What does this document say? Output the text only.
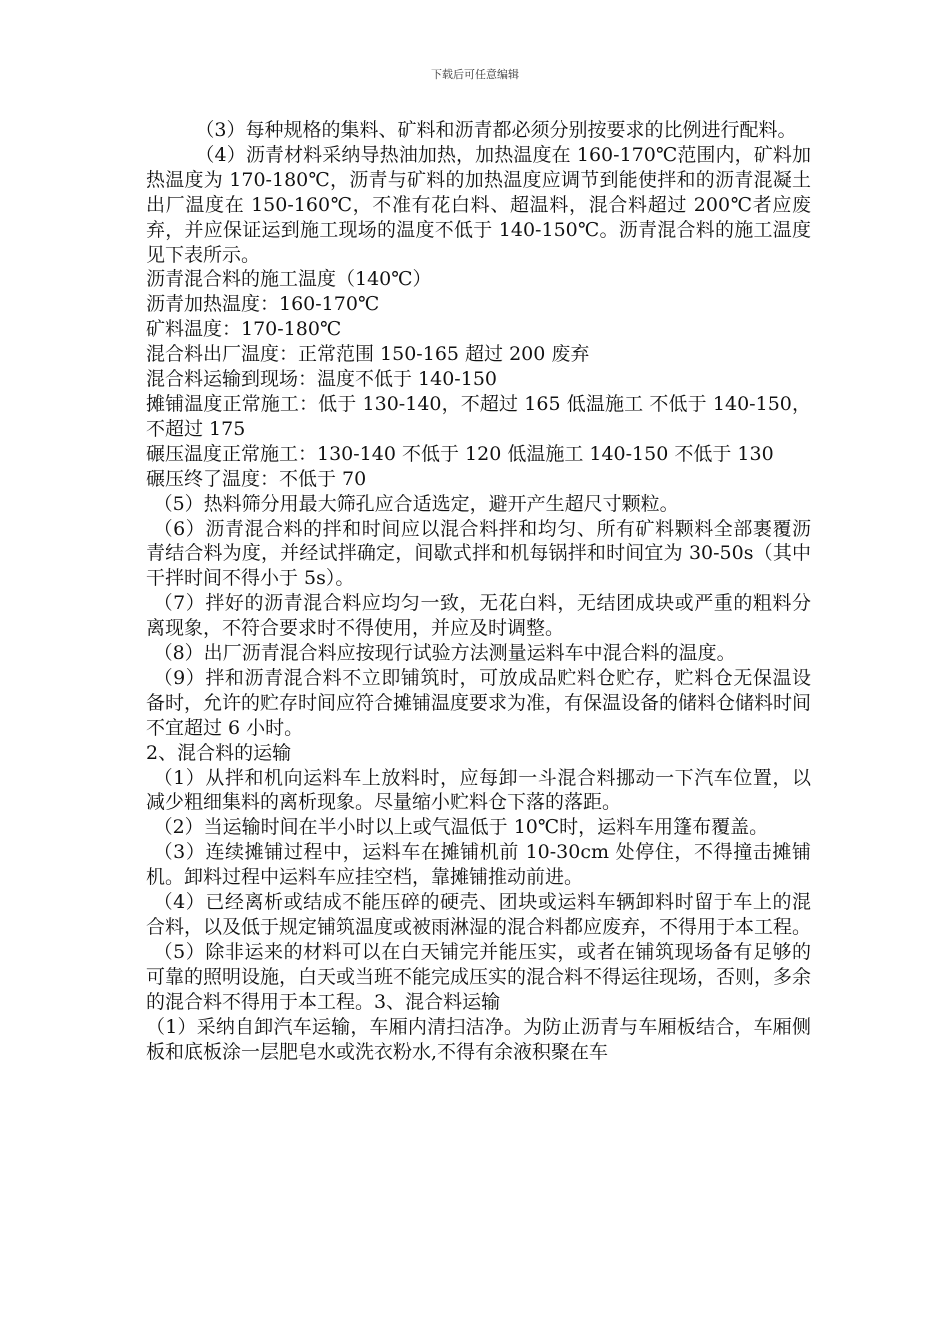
下载后可任意编辑

（3）每种规格的集料、矿料和沥青都必须分别按要求的比例进行配料。

（4）沥青材料采纳导热油加热，加热温度在 160-170℃范围内，矿料加热温度为 170-180℃，沥青与矿料的加热温度应调节到能使拌和的沥青混凝土出厂温度在 150-160℃，不准有花白料、超温料，混合料超过 200℃者应废弃，并应保证运到施工现场的温度不低于 140-150℃。沥青混合料的施工温度见下表所示。

沥青混合料的施工温度（140℃）

沥青加热温度：160-170℃

矿料温度：170-180℃

混合料出厂温度：正常范围 150-165 超过 200 废弃

混合料运输到现场：温度不低于 140-150

摊铺温度正常施工：低于 130-140，不超过 165 低温施工 不低于 140-150，不超过 175

碾压温度正常施工：130-140 不低于 120 低温施工 140-150 不低于 130

碾压终了温度：不低于 70

（5）热料筛分用最大筛孔应合适选定，避开产生超尺寸颗粒。

（6）沥青混合料的拌和时间应以混合料拌和均匀、所有矿料颗料全部裹覆沥青结合料为度，并经试拌确定，间歇式拌和机每锅拌和时间宜为 30-50s（其中干拌时间不得小于 5s）。

（7）拌好的沥青混合料应均匀一致，无花白料，无结团成块或严重的粗料分离现象，不符合要求时不得使用，并应及时调整。

（8）出厂沥青混合料应按现行试验方法测量运料车中混合料的温度。

（9）拌和沥青混合料不立即铺筑时，可放成品贮料仓贮存，贮料仓无保温设备时，允许的贮存时间应符合摊铺温度要求为准，有保温设备的储料仓储料时间不宜超过 6 小时。

2、混合料的运输

（1）从拌和机向运料车上放料时，应每卸一斗混合料挪动一下汽车位置，以减少粗细集料的离析现象。尽量缩小贮料仓下落的落距。

（2）当运输时间在半小时以上或气温低于 10℃时，运料车用篷布覆盖。

（3）连续摊铺过程中，运料车在摊铺机前 10-30cm 处停住，不得撞击摊铺机。卸料过程中运料车应挂空档，靠摊铺推动前进。

（4）已经离析或结成不能压碎的硬壳、团块或运料车辆卸料时留于车上的混合料，以及低于规定铺筑温度或被雨淋湿的混合料都应废弃，不得用于本工程。

（5）除非运来的材料可以在白天铺完并能压实，或者在铺筑现场备有足够的可靠的照明设施，白天或当班不能完成压实的混合料不得运往现场，否则，多余的混合料不得用于本工程。3、混合料运输

（1）采纳自卸汽车运输，车厢内清扫洁净。为防止沥青与车厢板结合，车厢侧板和底板涂一层肥皂水或洗衣粉水,不得有余液积聚在车
